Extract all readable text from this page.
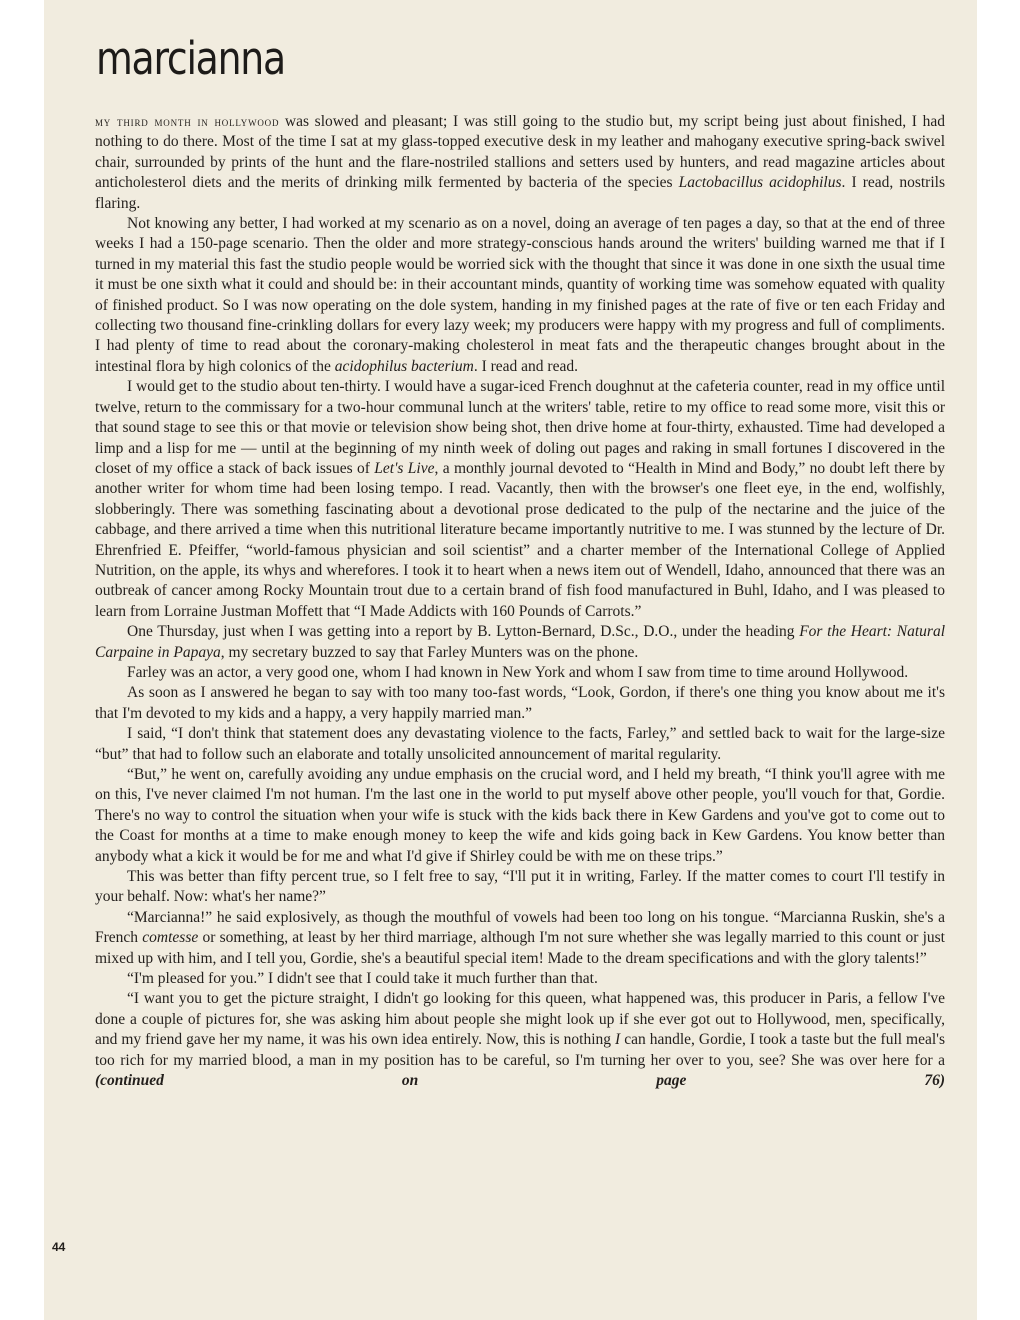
marcianna

my third month in hollywood was slowed and pleasant; I was still going to the studio but, my script being just about finished, I had nothing to do there. Most of the time I sat at my glass-topped executive desk in my leather and mahogany executive spring-back swivel chair, surrounded by prints of the hunt and the flare-nostriled stallions and setters used by hunters, and read magazine articles about anticholesterol diets and the merits of drinking milk fermented by bacteria of the species Lactobacillus acidophilus. I read, nostrils flaring.

Not knowing any better, I had worked at my scenario as on a novel, doing an average of ten pages a day, so that at the end of three weeks I had a 150-page scenario. Then the older and more strategy-conscious hands around the writers' building warned me that if I turned in my material this fast the studio people would be worried sick with the thought that since it was done in one sixth the usual time it must be one sixth what it could and should be: in their accountant minds, quantity of working time was somehow equated with quality of finished product. So I was now operating on the dole system, handing in my finished pages at the rate of five or ten each Friday and collecting two thousand fine-crinkling dollars for every lazy week; my producers were happy with my progress and full of compliments. I had plenty of time to read about the coronary-making cholesterol in meat fats and the therapeutic changes brought about in the intestinal flora by high colonics of the acidophilus bacterium. I read and read.

I would get to the studio about ten-thirty. I would have a sugar-iced French doughnut at the cafeteria counter, read in my office until twelve, return to the commissary for a two-hour communal lunch at the writers' table, retire to my office to read some more, visit this or that sound stage to see this or that movie or television show being shot, then drive home at four-thirty, exhausted. Time had developed a limp and a lisp for me — until at the beginning of my ninth week of doling out pages and raking in small fortunes I discovered in the closet of my office a stack of back issues of Let's Live, a monthly journal devoted to “Health in Mind and Body,” no doubt left there by another writer for whom time had been losing tempo. I read. Vacantly, then with the browser's one fleet eye, in the end, wolfishly, slobberingly. There was something fascinating about a devotional prose dedicated to the pulp of the nectarine and the juice of the cabbage, and there arrived a time when this nutritional literature became importantly nutritive to me. I was stunned by the lecture of Dr. Ehrenfried E. Pfeiffer, “world-famous physician and soil scientist” and a charter member of the International College of Applied Nutrition, on the apple, its whys and wherefores. I took it to heart when a news item out of Wendell, Idaho, announced that there was an outbreak of cancer among Rocky Mountain trout due to a certain brand of fish food manufactured in Buhl, Idaho, and I was pleased to learn from Lorraine Justman Moffett that “I Made Addicts with 160 Pounds of Carrots.”

One Thursday, just when I was getting into a report by B. Lytton-Bernard, D.Sc., D.O., under the heading For the Heart: Natural Carpaine in Papaya, my secretary buzzed to say that Farley Munters was on the phone.

Farley was an actor, a very good one, whom I had known in New York and whom I saw from time to time around Hollywood.

As soon as I answered he began to say with too many too-fast words, “Look, Gordon, if there's one thing you know about me it's that I'm devoted to my kids and a happy, a very happily married man.”

I said, “I don't think that statement does any devastating violence to the facts, Farley,” and settled back to wait for the large-size “but” that had to follow such an elaborate and totally unsolicited announcement of marital regularity.

“But,” he went on, carefully avoiding any undue emphasis on the crucial word, and I held my breath, “I think you'll agree with me on this, I've never claimed I'm not human. I'm the last one in the world to put myself above other people, you'll vouch for that, Gordie. There's no way to control the situation when your wife is stuck with the kids back there in Kew Gardens and you've got to come out to the Coast for months at a time to make enough money to keep the wife and kids going back in Kew Gardens. You know better than anybody what a kick it would be for me and what I'd give if Shirley could be with me on these trips.”

This was better than fifty percent true, so I felt free to say, “I'll put it in writing, Farley. If the matter comes to court I'll testify in your behalf. Now: what's her name?”

“Marcianna!” he said explosively, as though the mouthful of vowels had been too long on his tongue. “Marcianna Ruskin, she's a French comtesse or something, at least by her third marriage, although I'm not sure whether she was legally married to this count or just mixed up with him, and I tell you, Gordie, she's a beautiful special item! Made to the dream specifications and with the glory talents!”

“I'm pleased for you.” I didn't see that I could take it much further than that.

“I want you to get the picture straight, I didn't go looking for this queen, what happened was, this producer in Paris, a fellow I've done a couple of pictures for, she was asking him about people she might look up if she ever got out to Hollywood, men, specifically, and my friend gave her my name, it was his own idea entirely. Now, this is nothing I can handle, Gordie, I took a taste but the full meal's too rich for my married blood, a man in my position has to be careful, so I'm turning her over to you, see? She was over here for a (continued on page 76)

44
